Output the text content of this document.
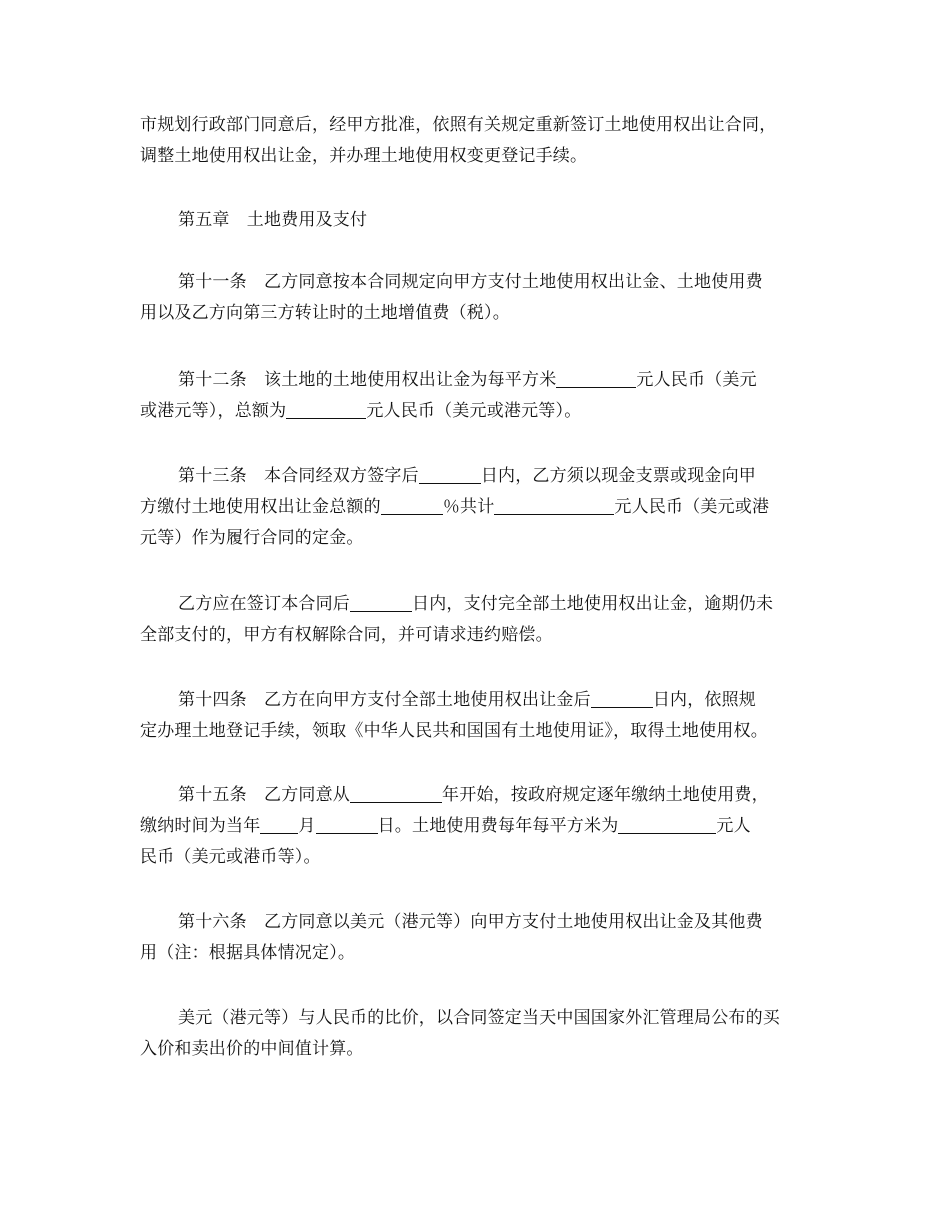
市规划行政部门同意后，经甲方批准，依照有关规定重新签订土地使用权出让合同，
调整土地使用权出让金，并办理土地使用权变更登记手续。

第五章　土地费用及支付

第十一条　乙方同意按本合同规定向甲方支付土地使用权出让金、土地使用费
用以及乙方向第三方转让时的土地增值费（税）。

第十二条　该土地的土地使用权出让金为每平方米	元人民币（美元
或港元等），总额为	元人民币（美元或港元等）。

第十三条　本合同经双方签字后	日内，乙方须以现金支票或现金向甲
方缴付土地使用权出让金总额的	％共计	元人民币（美元或港
元等）作为履行合同的定金。

乙方应在签订本合同后	日内，支付完全部土地使用权出让金，逾期仍未
全部支付的，甲方有权解除合同，并可请求违约赔偿。

第十四条　乙方在向甲方支付全部土地使用权出让金后	日内，依照规
定办理土地登记手续，领取《中华人民共和国国有土地使用证》，取得土地使用权。

第十五条　乙方同意从	年开始，按政府规定逐年缴纳土地使用费，
缴纳时间为当年 月	日。土地使用费每年每平方米为	元人
民币（美元或港币等）。

第十六条　乙方同意以美元（港元等）向甲方支付土地使用权出让金及其他费
用（注：根据具体情况定）。

美元（港元等）与人民币的比价，以合同签定当天中国国家外汇管理局公布的买
入价和卖出价的中间值计算。
